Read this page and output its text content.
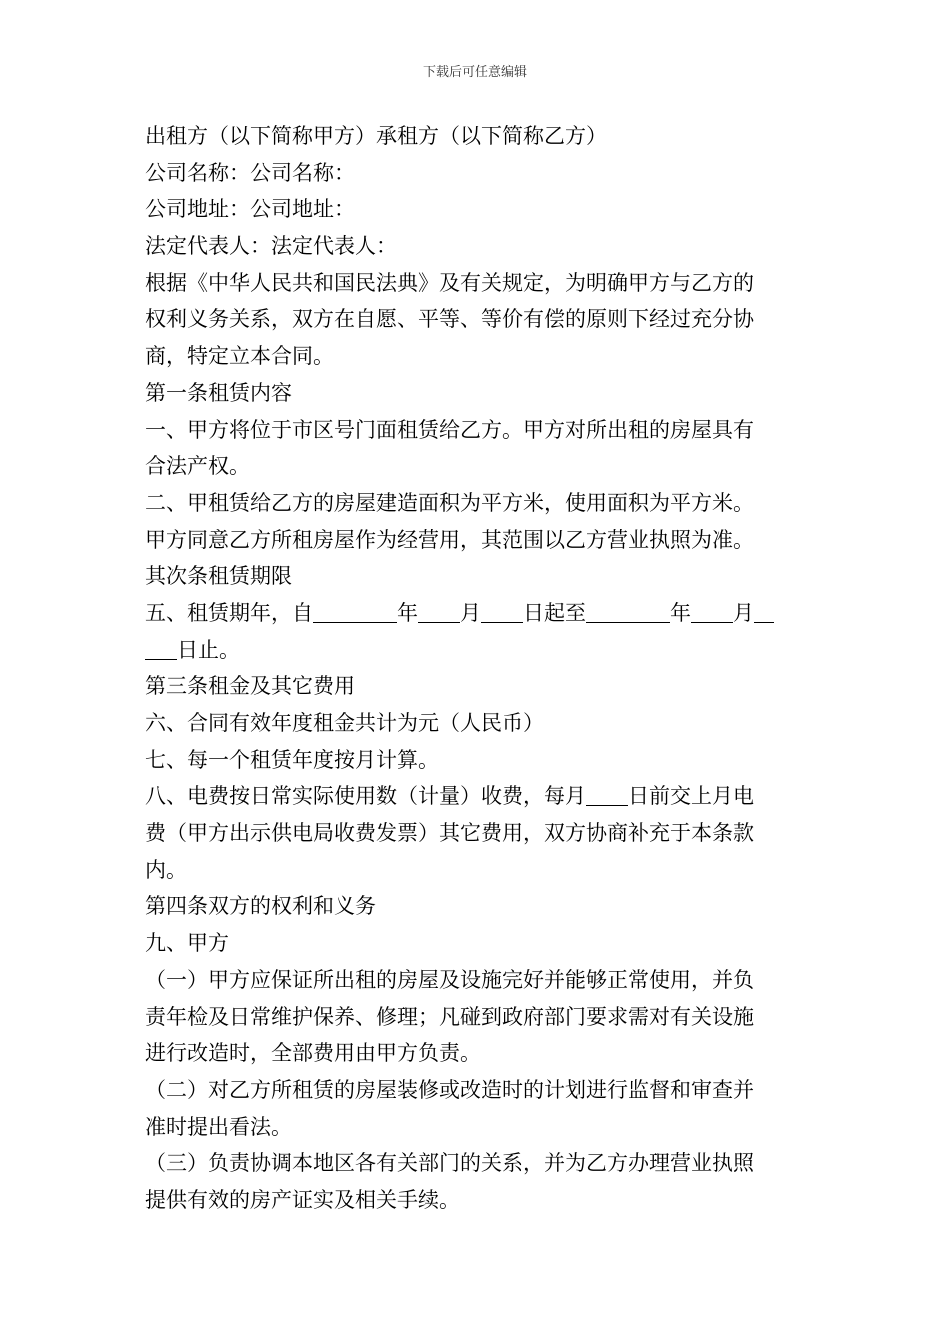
下载后可任意编辑
出租方（以下简称甲方）承租方（以下简称乙方）
公司名称：公司名称：
公司地址：公司地址：
法定代表人：法定代表人：
根据《中华人民共和国民法典》及有关规定，为明确甲方与乙方的
权利义务关系，双方在自愿、平等、等价有偿的原则下经过充分协
商，特定立本合同。
第一条租赁内容
一、甲方将位于市区号门面租赁给乙方。甲方对所出租的房屋具有
合法产权。
二、甲租赁给乙方的房屋建造面积为平方米，使用面积为平方米。
甲方同意乙方所租房屋作为经营用，其范围以乙方营业执照为准。
其次条租赁期限
五、租赁期年，自	年 月 日起至	年 月
日止。
第三条租金及其它费用
六、合同有效年度租金共计为元（人民币）
七、每一个租赁年度按月计算。
八、电费按日常实际使用数（计量）收费，每月 日前交上月电
费（甲方出示供电局收费发票）其它费用，双方协商补充于本条款
内。
第四条双方的权利和义务
九、甲方
（一）甲方应保证所出租的房屋及设施完好并能够正常使用，并负
责年检及日常维护保养、修理；凡碰到政府部门要求需对有关设施
进行改造时，全部费用由甲方负责。
（二）对乙方所租赁的房屋装修或改造时的计划进行监督和审查并
准时提出看法。
（三）负责协调本地区各有关部门的关系，并为乙方办理营业执照
提供有效的房产证实及相关手续。
